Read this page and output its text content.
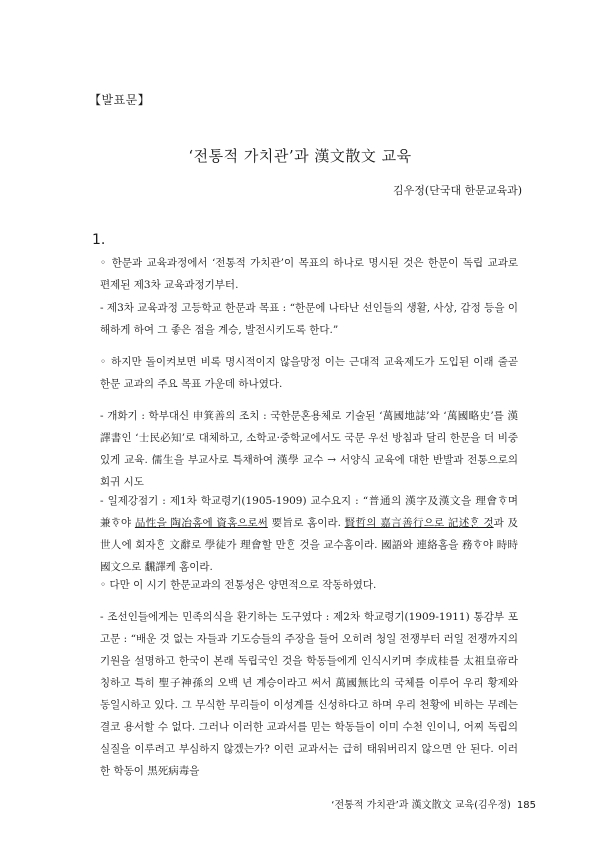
【발표문】
‘전통적 가치관’과 漢文散文 교육
김우정(단국대 한문교육과)
1.
◦ 한문과 교육과정에서 ‘전통적 가치관’이 목표의 하나로 명시된 것은 한문이 독립 교과로 편제된 제3차 교육과정기부터.
- 제3차 교육과정 고등학교 한문과 목표 : “한문에 나타난 선인들의 생활, 사상, 감정 등을 이해하게 하여 그 좋은 점을 계승, 발전시키도록 한다.”
◦ 하지만 돌이켜보면 비록 명시적이지 않을망정 이는 근대적 교육제도가 도입된 이래 줄곧 한문 교과의 주요 목표 가운데 하나였다.
- 개화기 : 학부대신 申箕善의 조치 : 국한문혼용체로 기술된 ‘萬國地誌’와 ‘萬國略史’를 漢譯書인 ‘士民必知’로 대체하고, 소학교·중학교에서도 국문 우선 방침과 달리 한문을 더 비중 있게 교육. 儒生을 부교사로 특채하여 漢學 교수 → 서양식 교육에 대한 반발과 전통으로의 회귀 시도
- 일제강점기 : 제1차 학교령기(1905-1909) 교수요지 : “普通의 漢字及漢文을 理會ᄒᆞ며 兼ᄒᆞ야 品性을 陶冶홈에 資홈으로써 要旨로 홈이라. 賢哲의 嘉言善行으로 記述ᄒᆞᆫ 것과 及世人에 회자ᄒᆞᆫ 文辭로 學徒가 理會할 만ᄒᆞᆫ 것을 교수홈이라. 國語와 連絡홈을 務ᄒᆞ야 時時國文으로 飜譯케 홈이라.
◦ 다만 이 시기 한문교과의 전통성은 양면적으로 작동하였다.
- 조선인들에게는 민족의식을 환기하는 도구였다 : 제2차 학교령기(1909-1911) 통감부 포고문 : “배운 것 없는 자들과 기도승들의 주장을 들어 오히려 청일 전쟁부터 러일 전쟁까지의 기원을 설명하고 한국이 본래 독립국인 것을 학동들에게 인식시키며 李成桂를 太祖皇帝라 칭하고 특히 聖子神孫의 오백 년 계승이라고 써서 萬國無比의 국체를 이루어 우리 황제와 동일시하고 있다. 그 무식한 무리들이 이성계를 신성하다고 하며 우리 천황에 비하는 무례는 결코 용서할 수 없다. 그러나 이러한 교과서를 믿는 학동들이 이미 수천 인이니, 어찌 독립의 실질을 이루려고 부심하지 않겠는가? 이런 교과서는 급히 태워버리지 않으면 안 된다. 이러한 학동이 黑死病毒을
‘전통적 가치관’과 漢文散文 교육(김우정) 185
